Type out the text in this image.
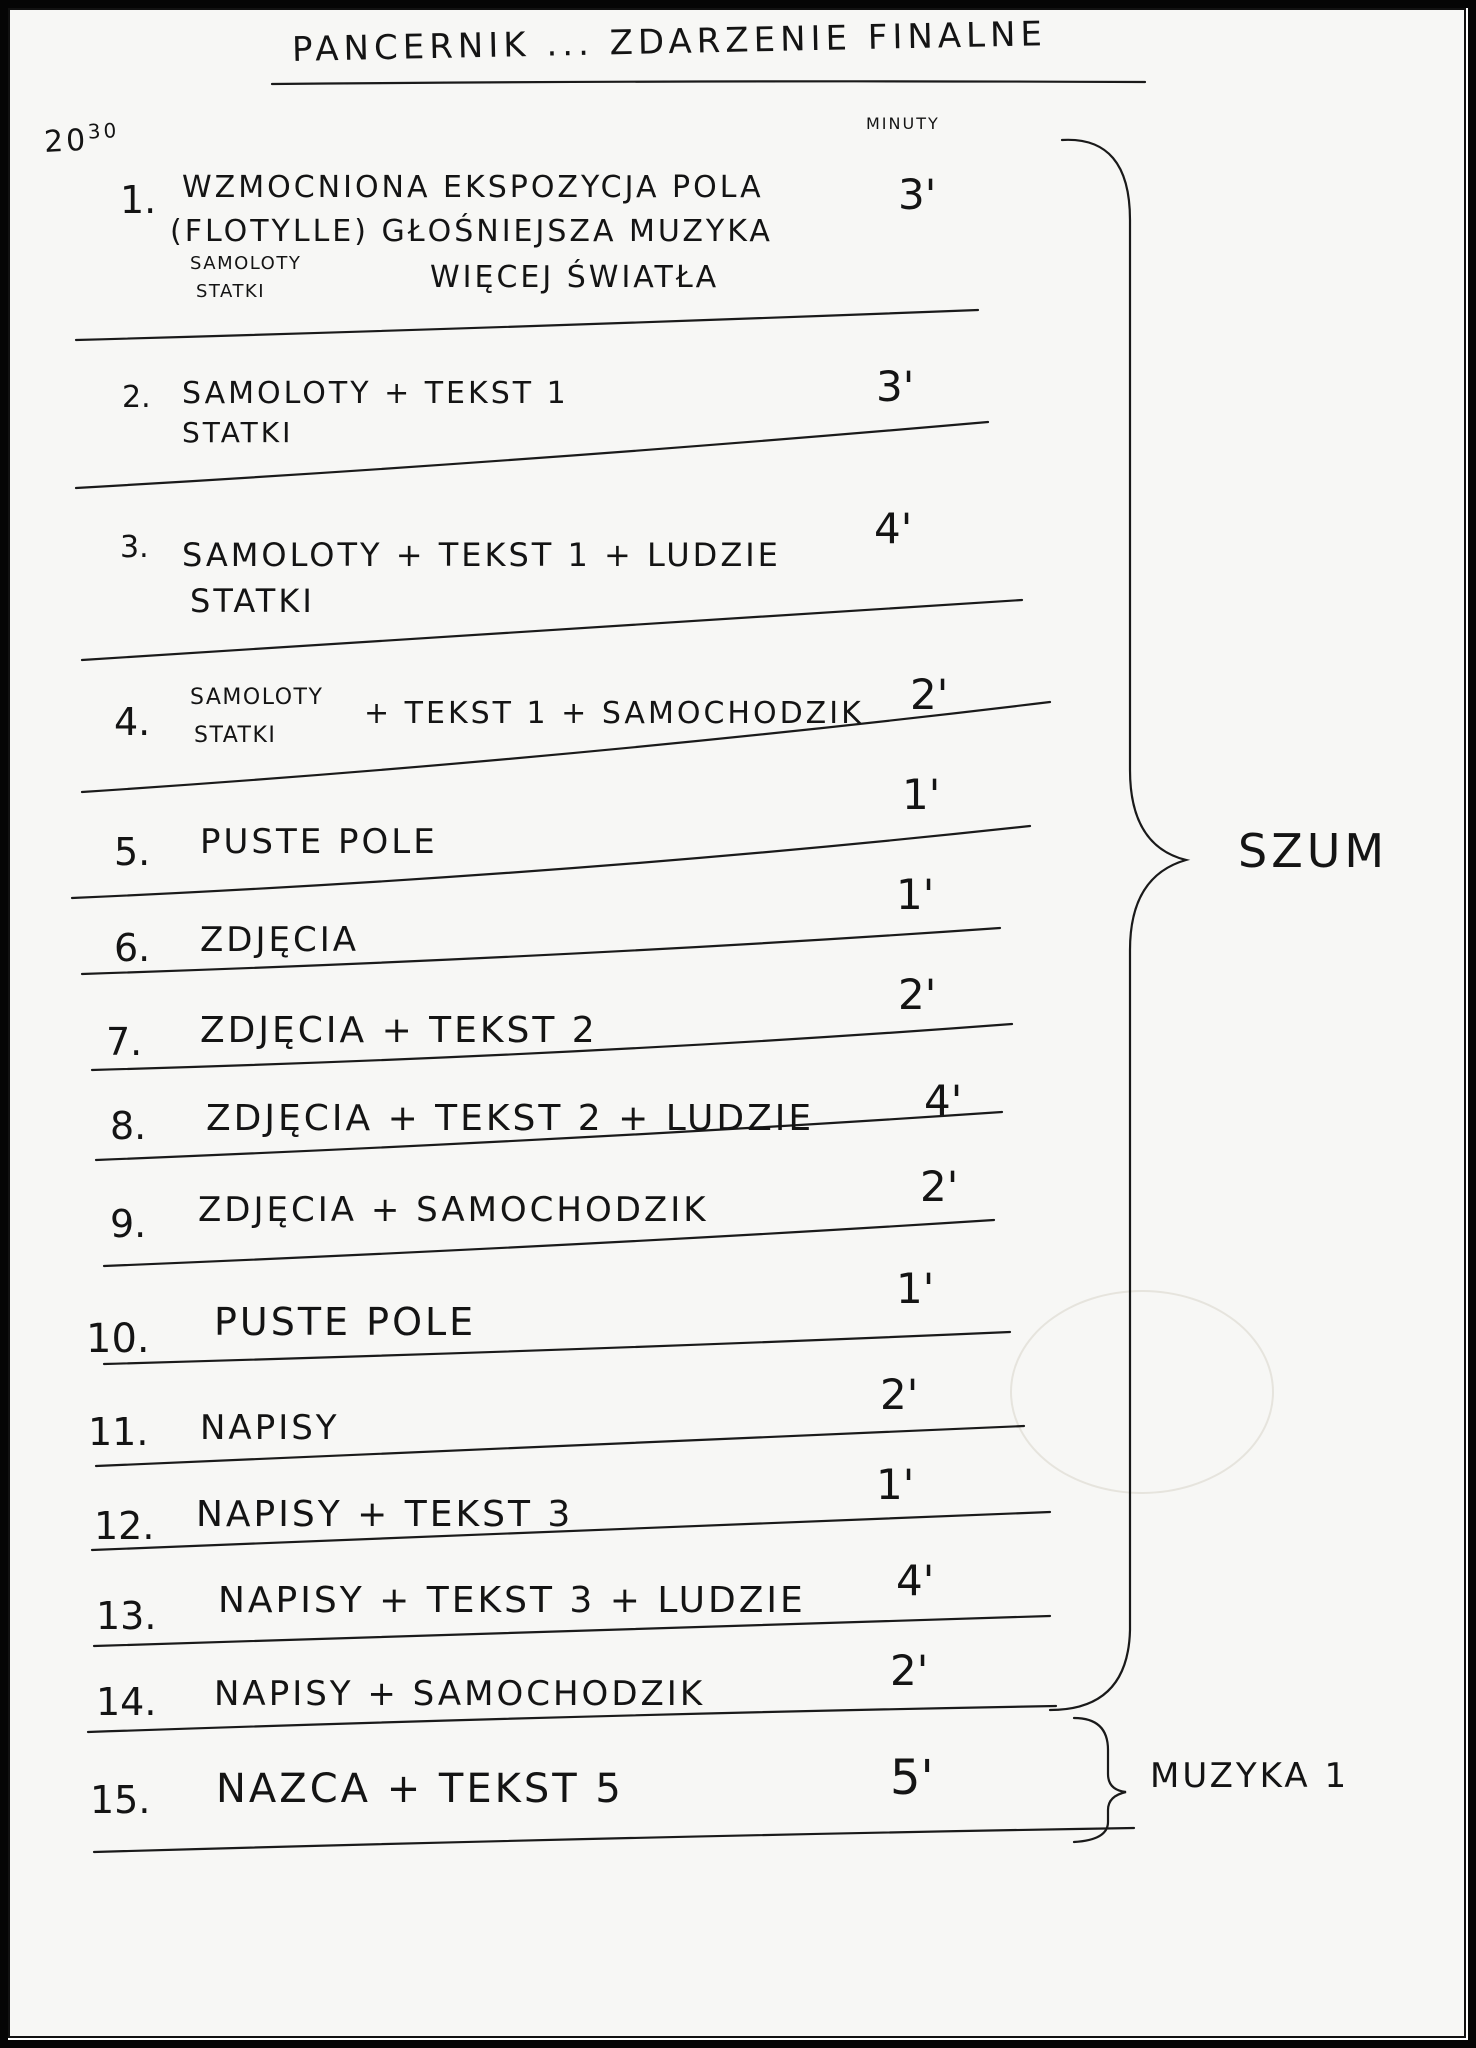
PANCERNIK ... ZDARZENIE FINALNE
$20^{30}$	MINUTY
1. WZMOCNIONA EKSPOZYCJA POLA
(FLOTYLLE) GŁOŚNIEJSZA MUZYKA
SAMOLOTY
STATKI	WIĘCEJ ŚWIATŁA
3'
2. SAMOLOTY + TEKST 1
STATKI
3'
3. SAMOLOTY + TEKST 1 + LUDZIE
STATKI
4'
4.
SAMOLOTY
STATKI
+ TEKST 1 + SAMOCHODZIK 2'
5. PUSTE POLE
1'
6. ZDJĘCIA
1'
7. ZDJĘCIA + TEKST 2
2'
8. ZDJĘCIA + TEKST 2 + LUDZIE	4'
9. ZDJĘCIA + SAMOCHODZIK	2'
10. PUSTE POLE
1'
11. NAPISY
2'
12. NAPISY + TEKST 3
1'
13. NAPISY + TEKST 3 + LUDZIE 4'
14. NAPISY + SAMOCHODZIK	2'
15. NAZCA + TEKST 5	5'
SZUM
MUZYKA 1
